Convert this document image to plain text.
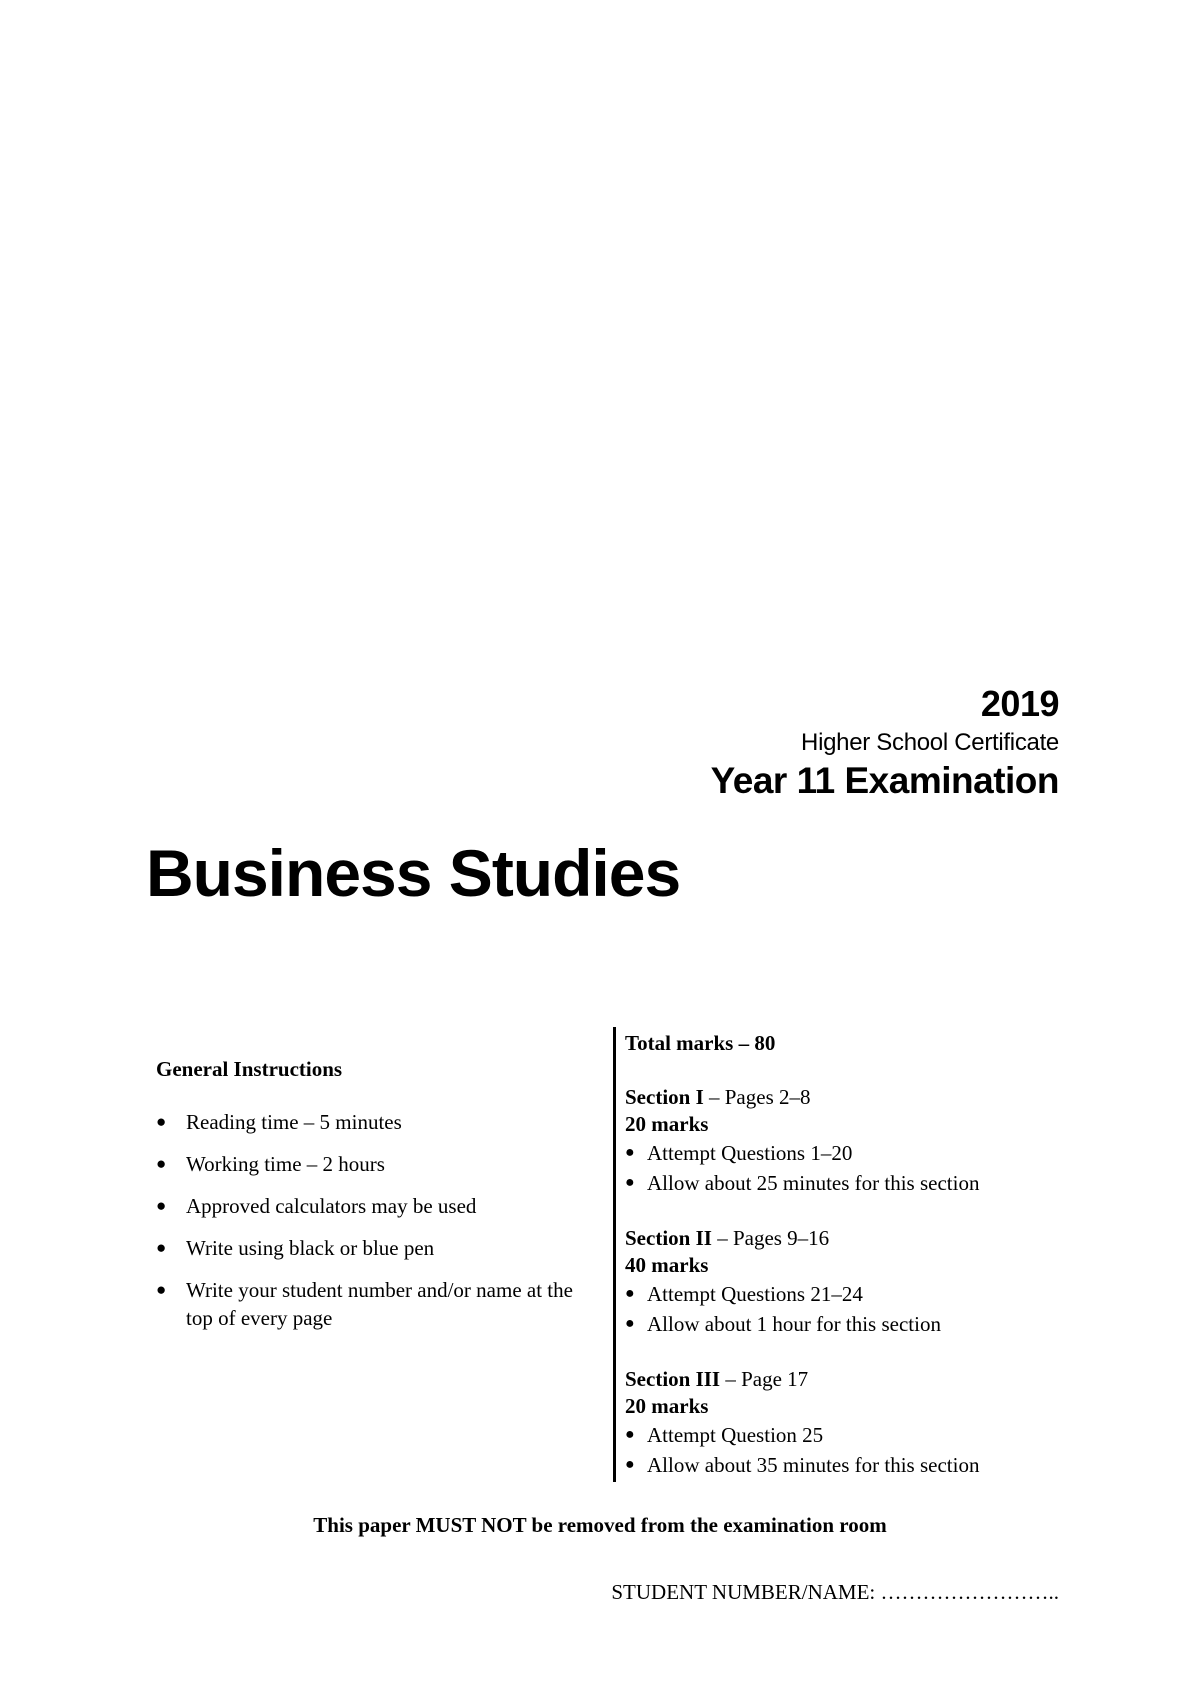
2019
Higher School Certificate
Year 11 Examination
Business Studies
General Instructions
● Reading time – 5 minutes
● Working time – 2 hours
● Approved calculators may be used
● Write using black or blue pen
● Write your student number and/or name at the top of every page
Total marks – 80
Section I – Pages 2–8
20 marks
● Attempt Questions 1–20
● Allow about 25 minutes for this section
Section II – Pages 9–16
40 marks
● Attempt Questions 21–24
● Allow about 1 hour for this section
Section III – Page 17
20 marks
● Attempt Question 25
● Allow about 35 minutes for this section
This paper MUST NOT be removed from the examination room
STUDENT NUMBER/NAME: ……………………..
